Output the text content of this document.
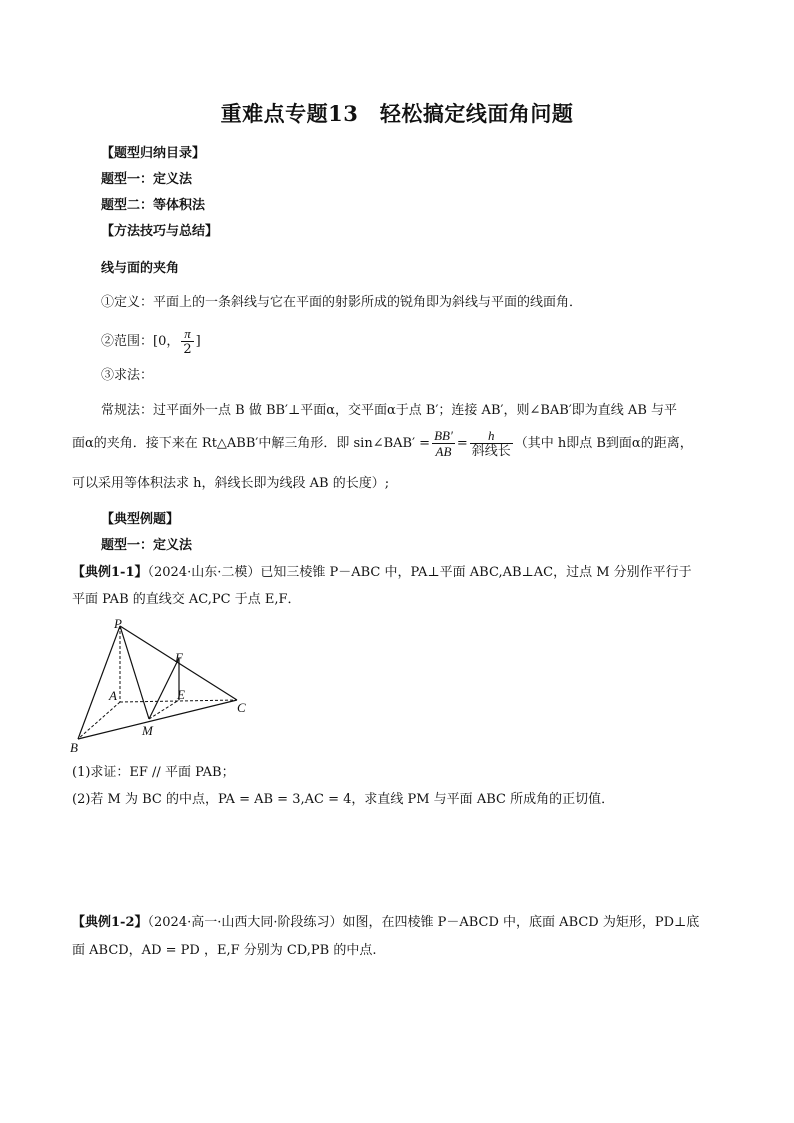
重难点专题13　轻松搞定线面角问题
【题型归纳目录】
题型一：定义法
题型二：等体积法
【方法技巧与总结】
线与面的夹角
①定义：平面上的一条斜线与它在平面的射影所成的锐角即为斜线与平面的线面角．
②范围：[0， $\frac{\pi}{2}$ ]
③求法：
常规法：过平面外一点 B 做 BB′⊥平面α，交平面α于点 B′；连接 AB′，则∠BAB′即为直线 AB 与平
面α的夹角．接下来在 Rt△ABB′中解三角形．即 sin∠BAB′ = $\frac{BB'}{AB} = \frac{h}{\text{斜线长}}$ （其中 h即点 B到面α的距离，
可以采用等体积法求 h，斜线长即为线段 AB 的长度）;
【典型例题】
题型一：定义法
【典例1-1】（2024·山东·二模）已知三棱锥 P－ABC 中，PA⊥平面 ABC,AB⊥AC，过点 M 分别作平行于
平面 PAB 的直线交 AC,PC 于点 E,F．
P
A
B
C
M
E
F
(1)求证：EF // 平面 PAB；
(2)若 M 为 BC 的中点，PA = AB = 3,AC = 4，求直线 PM 与平面 ABC 所成角的正切值．
【典例1-2】（2024·高一·山西大同·阶段练习）如图，在四棱锥 P－ABCD 中，底面 ABCD 为矩形，PD⊥底
面 ABCD，AD = PD ，E,F 分别为 CD,PB 的中点.
